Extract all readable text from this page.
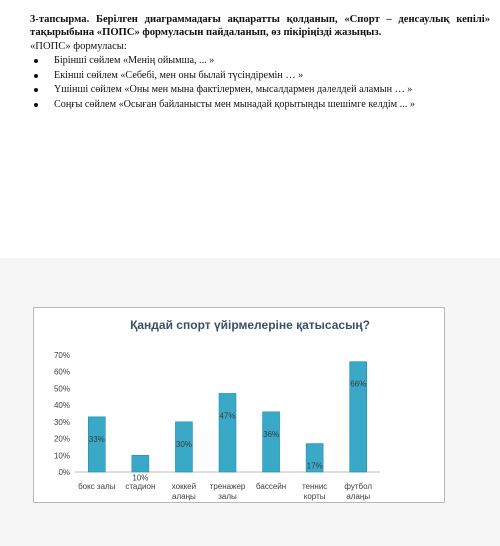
3-тапсырма. Берілген диаграммадағы ақпаратты қолданып, «Спорт – денсаулық кепілі» тақырыбына «ПОПС» формуласын пайдаланып, өз пікіріңізді жазыңыз.

«ПОПС» формуласы:

Бірінші сөйлем «Менің ойымша, ... »
Екінші сөйлем «Себебі, мен оны былай түсіндіремін … »
Үшінші сөйлем «Оны мен мына фактілермен, мысалдармен дәлелдей аламын … »
Соңғы сөйлем «Осыған байланысты мен мынадай қорытынды шешімге келдім ... »
Қандай спорт үйірмелеріне қатысасың?
0%
10%
20%
30%
40%
50%
60%
70%
33%
10%
30%
47%
36%
17%
66%
бокс залы стадион хоккей алаңы
тренажер залы
бассейн теннис корты
футбол алаңы
